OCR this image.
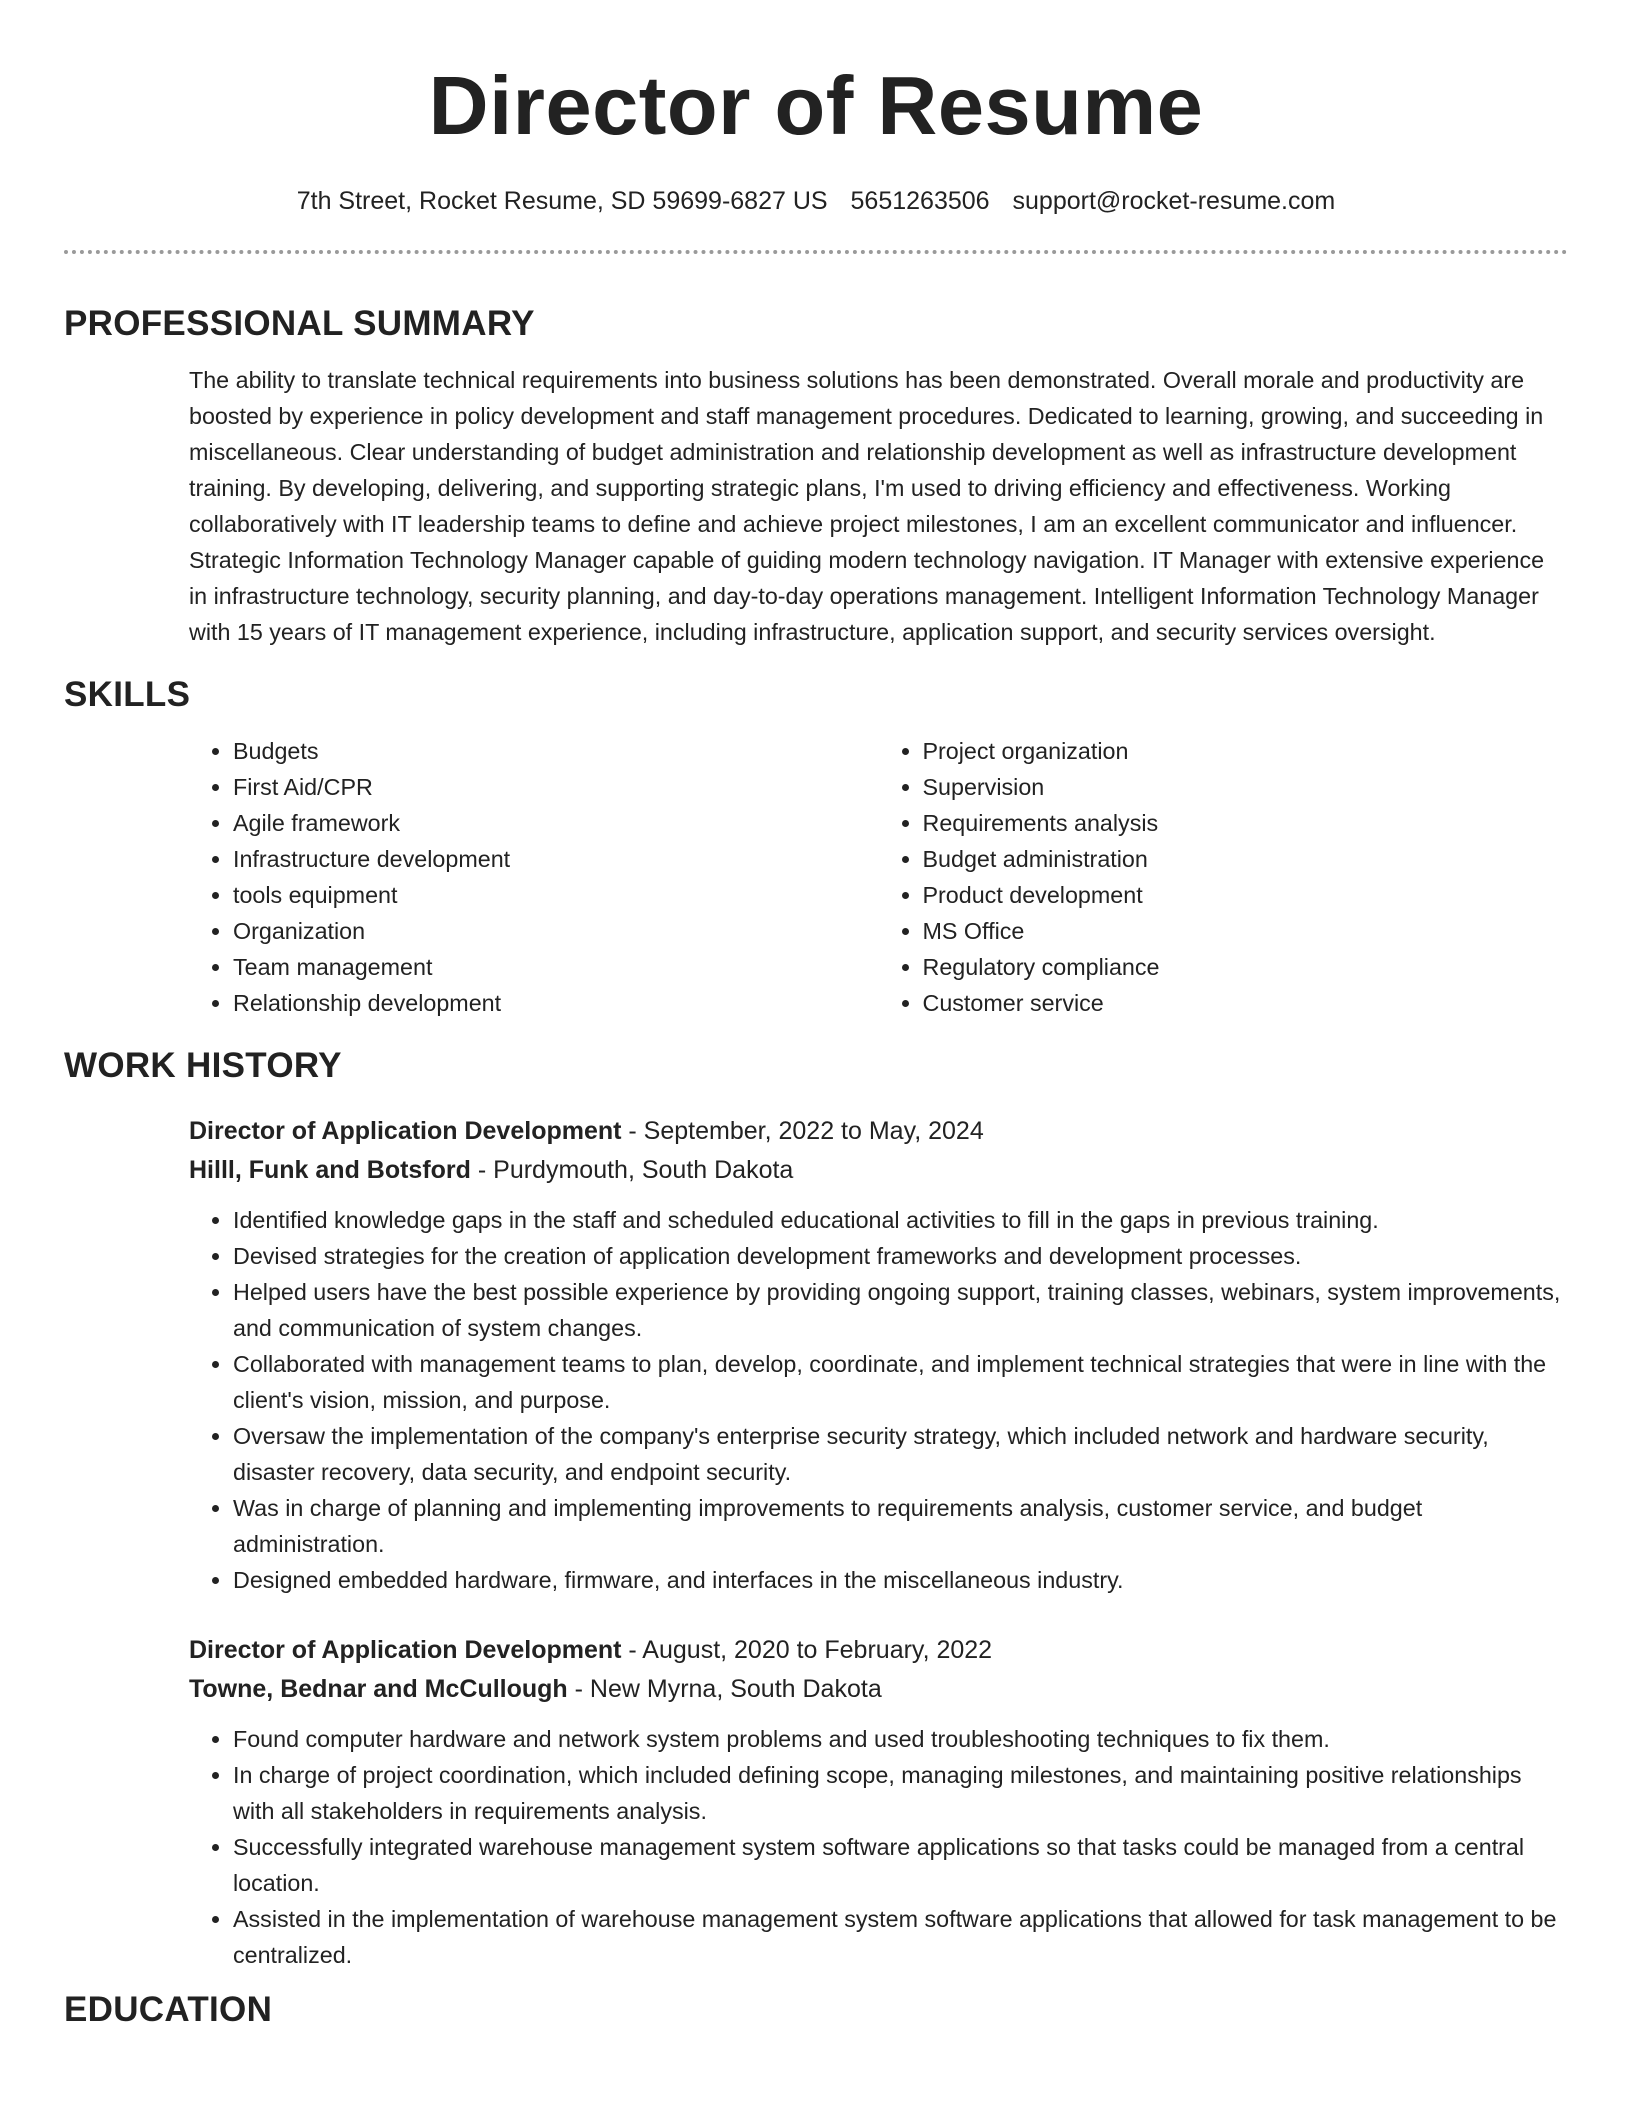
Director of Resume
7th Street, Rocket Resume, SD 59699-6827 US 5651263506 support@rocket-resume.com
PROFESSIONAL SUMMARY

The ability to translate technical requirements into business solutions has been demonstrated. Overall morale and productivity are boosted by experience in policy development and staff management procedures. Dedicated to learning, growing, and succeeding in miscellaneous. Clear understanding of budget administration and relationship development as well as infrastructure development training. By developing, delivering, and supporting strategic plans, I'm used to driving efficiency and effectiveness. Working collaboratively with IT leadership teams to define and achieve project milestones, I am an excellent communicator and influencer. Strategic Information Technology Manager capable of guiding modern technology navigation. IT Manager with extensive experience in infrastructure technology, security planning, and day-to-day operations management. Intelligent Information Technology Manager with 15 years of IT management experience, including infrastructure, application support, and security services oversight.

SKILLS
• Budgets
• First Aid/CPR
• Agile framework
• Infrastructure development
• tools equipment
• Organization
• Team management
• Relationship development
• Project organization
• Supervision
• Requirements analysis
• Budget administration
• Product development
• MS Office
• Regulatory compliance
• Customer service
WORK HISTORY
Director of Application Development - September, 2022 to May, 2024
Hilll, Funk and Botsford - Purdymouth, South Dakota
• Identified knowledge gaps in the staff and scheduled educational activities to fill in the gaps in previous training.
• Devised strategies for the creation of application development frameworks and development processes.
• Helped users have the best possible experience by providing ongoing support, training classes, webinars, system improvements, and communication of system changes.
• Collaborated with management teams to plan, develop, coordinate, and implement technical strategies that were in line with the client's vision, mission, and purpose.
• Oversaw the implementation of the company's enterprise security strategy, which included network and hardware security, disaster recovery, data security, and endpoint security.
• Was in charge of planning and implementing improvements to requirements analysis, customer service, and budget administration.
• Designed embedded hardware, firmware, and interfaces in the miscellaneous industry.
Director of Application Development - August, 2020 to February, 2022
Towne, Bednar and McCullough - New Myrna, South Dakota
• Found computer hardware and network system problems and used troubleshooting techniques to fix them.
• In charge of project coordination, which included defining scope, managing milestones, and maintaining positive relationships with all stakeholders in requirements analysis.
• Successfully integrated warehouse management system software applications so that tasks could be managed from a central location.
• Assisted in the implementation of warehouse management system software applications that allowed for task management to be centralized.
EDUCATION
